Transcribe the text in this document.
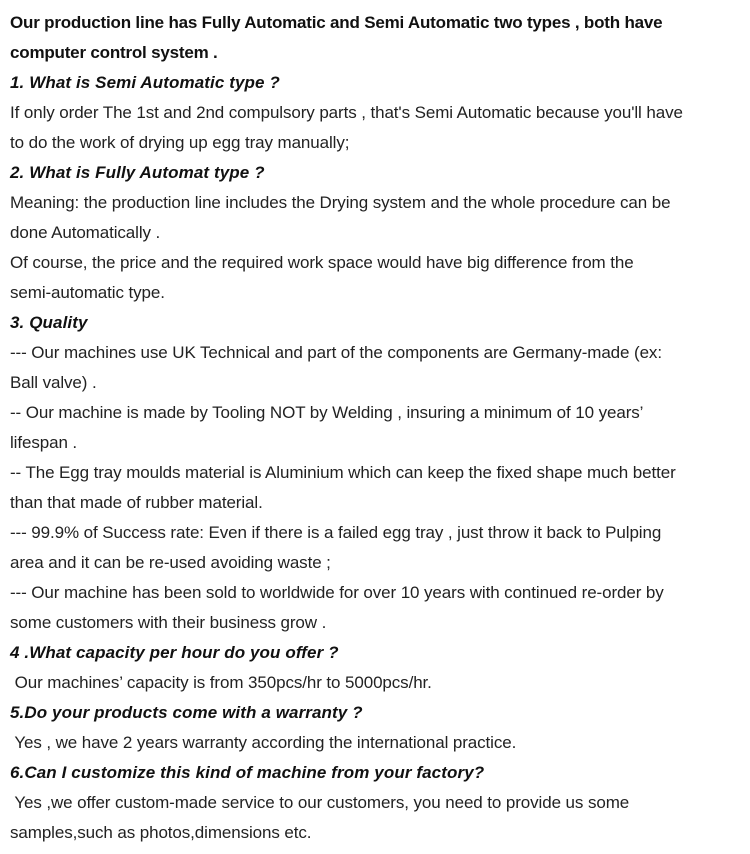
Our production line has Fully Automatic and Semi Automatic two types , both have
computer control system .
1. What is Semi Automatic type ?
If only order The 1st and 2nd compulsory parts , that's Semi Automatic because you'll have
to do the work of drying up egg tray manually;
2. What is Fully Automat type ?
Meaning: the production line includes the Drying system and the whole procedure can be
done Automatically .
Of course, the price and the required work space would have big difference from the
semi-automatic type.
3. Quality
--- Our machines use UK Technical and part of the components are Germany-made (ex:
Ball valve) .
-- Our machine is made by Tooling NOT by Welding , insuring a minimum of 10 years’
lifespan .
-- The Egg tray moulds material is Aluminium which can keep the fixed shape much better
than that made of rubber material.
--- 99.9% of Success rate: Even if there is a failed egg tray , just throw it back to Pulping
area and it can be re-used avoiding waste ;
--- Our machine has been sold to worldwide for over 10 years with continued re-order by
some customers with their business grow .
4 .What capacity per hour do you offer ?
Our machines’ capacity is from 350pcs/hr to 5000pcs/hr.
5.Do your products come with a warranty ?
Yes , we have 2 years warranty according the international practice.
6.Can I customize this kind of machine from your factory?
Yes ,we offer custom-made service to our customers, you need to provide us some
samples,such as photos,dimensions etc.
